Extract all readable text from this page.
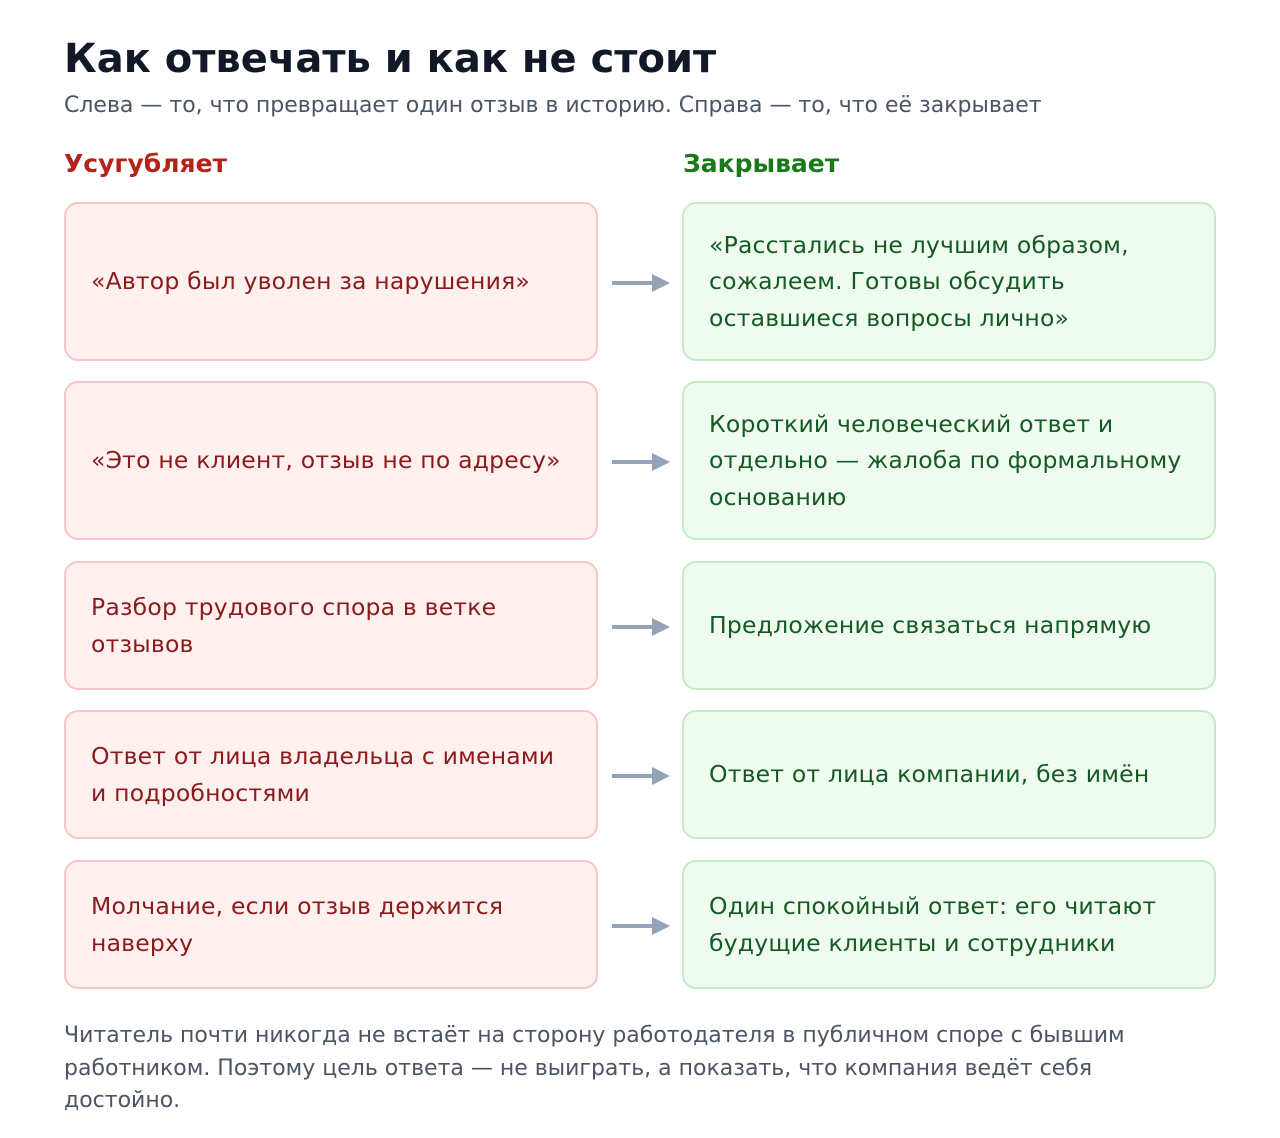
Как отвечать и как не стоит

Слева — то, что превращает один отзыв в историю. Справа — то, что её закрывает

Усугубляет	Закрывает
«Автор был уволен за нарушения»
«Расстались не лучшим образом, сожалеем. Готовы обсудить оставшиеся вопросы лично»
«Это не клиент, отзыв не по адресу»
Короткий человеческий ответ и отдельно — жалоба по формальному основанию
Разбор трудового спора в ветке отзывов
Предложение связаться напрямую
Ответ от лица владельца с именами и подробностями
Ответ от лица компании, без имён
Молчание, если отзыв держится наверху
Один спокойный ответ: его читают будущие клиенты и сотрудники

Читатель почти никогда не встаёт на сторону работодателя в публичном споре с бывшим работником. Поэтому цель ответа — не выиграть, а показать, что компания ведёт себя достойно.
